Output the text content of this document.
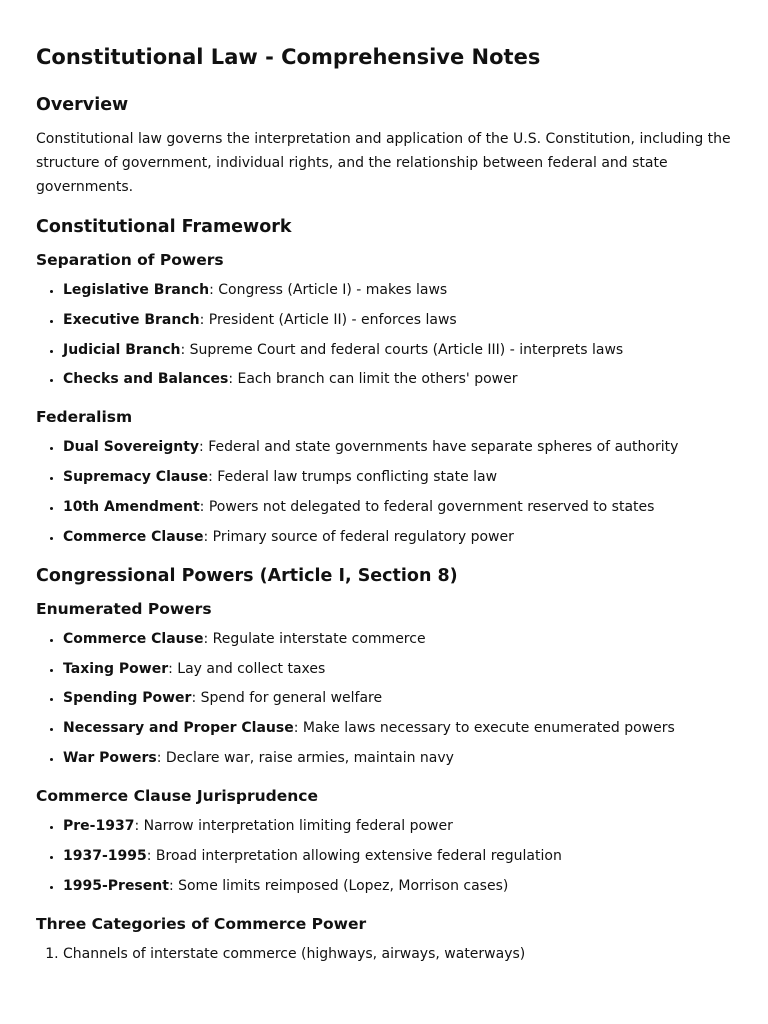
Constitutional Law - Comprehensive Notes
Overview

Constitutional law governs the interpretation and application of the U.S. Constitution, including the structure of government, individual rights, and the relationship between federal and state governments.

Constitutional Framework
Separation of Powers
• Legislative Branch: Congress (Article I) - makes laws
• Executive Branch: President (Article II) - enforces laws
• Judicial Branch: Supreme Court and federal courts (Article III) - interprets laws
• Checks and Balances: Each branch can limit the others' power
Federalism
• Dual Sovereignty: Federal and state governments have separate spheres of authority
• Supremacy Clause: Federal law trumps conflicting state law
• 10th Amendment: Powers not delegated to federal government reserved to states
• Commerce Clause: Primary source of federal regulatory power
Congressional Powers (Article I, Section 8)
Enumerated Powers
• Commerce Clause: Regulate interstate commerce
• Taxing Power: Lay and collect taxes
• Spending Power: Spend for general welfare
• Necessary and Proper Clause: Make laws necessary to execute enumerated powers
• War Powers: Declare war, raise armies, maintain navy
Commerce Clause Jurisprudence
• Pre-1937: Narrow interpretation limiting federal power
• 1937-1995: Broad interpretation allowing extensive federal regulation
• 1995-Present: Some limits reimposed (Lopez, Morrison cases)
Three Categories of Commerce Power
1. Channels of interstate commerce (highways, airways, waterways)
